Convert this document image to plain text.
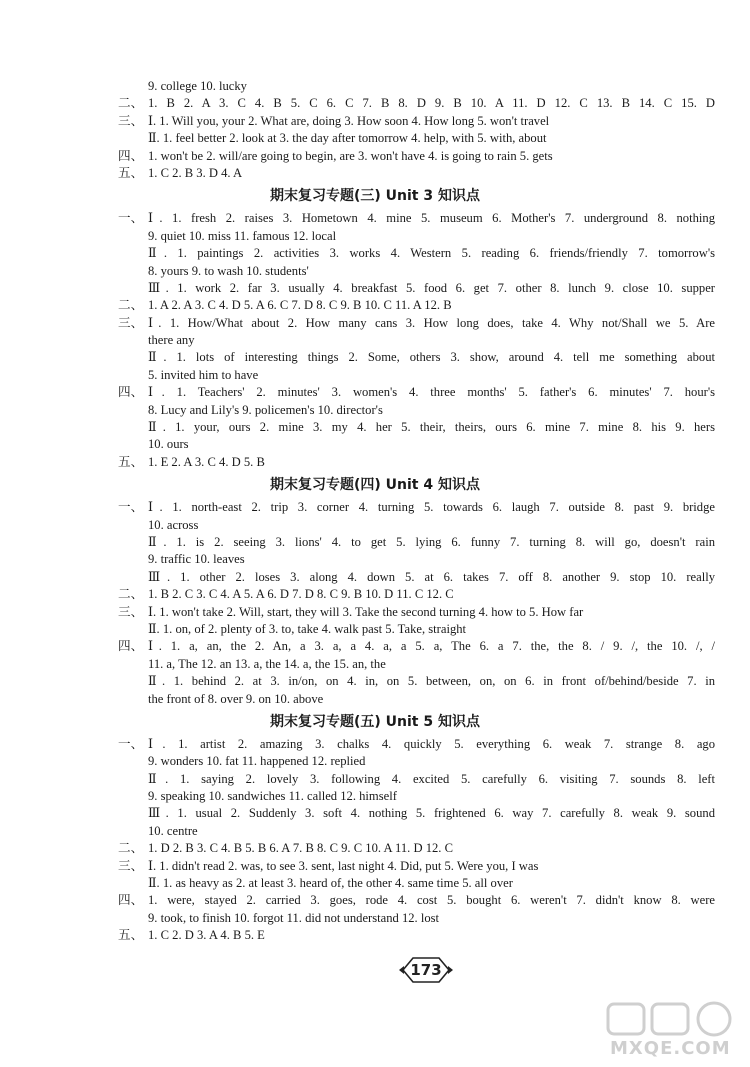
9. college 10. lucky
二、 1. B 2. A 3. C 4. B 5. C 6. C 7. B 8. D 9. B 10. A 11. D 12. C 13. B 14. C 15. D
三、 Ⅰ. 1. Will you, your 2. What are, doing 3. How soon 4. How long 5. won't travel
Ⅱ. 1. feel better 2. look at 3. the day after tomorrow 4. help, with 5. with, about
四、 1. won't be 2. will/are going to begin, are 3. won't have 4. is going to rain 5. gets
五、 1. C 2. B 3. D 4. A
期末复习专题(三) Unit 3 知识点
一、 Ⅰ. 1. fresh 2. raises 3. Hometown 4. mine 5. museum 6. Mother's 7. underground 8. nothing
9. quiet 10. miss 11. famous 12. local
Ⅱ. 1. paintings 2. activities 3. works 4. Western 5. reading 6. friends/friendly 7. tomorrow's
8. yours 9. to wash 10. students'
Ⅲ. 1. work 2. far 3. usually 4. breakfast 5. food 6. get 7. other 8. lunch 9. close 10. supper
二、 1. A 2. A 3. C 4. D 5. A 6. C 7. D 8. C 9. B 10. C 11. A 12. B
三、 Ⅰ. 1. How/What about 2. How many cans 3. How long does, take 4. Why not/Shall we 5. Are
there any
Ⅱ. 1. lots of interesting things 2. Some, others 3. show, around 4. tell me something about
5. invited him to have
四、 Ⅰ. 1. Teachers' 2. minutes' 3. women's 4. three months' 5. father's 6. minutes' 7. hour's
8. Lucy and Lily's 9. policemen's 10. director's
Ⅱ. 1. your, ours 2. mine 3. my 4. her 5. their, theirs, ours 6. mine 7. mine 8. his 9. hers
10. ours
五、 1. E 2. A 3. C 4. D 5. B
期末复习专题(四) Unit 4 知识点
一、 Ⅰ. 1. north-east 2. trip 3. corner 4. turning 5. towards 6. laugh 7. outside 8. past 9. bridge
10. across
Ⅱ. 1. is 2. seeing 3. lions' 4. to get 5. lying 6. funny 7. turning 8. will go, doesn't rain
9. traffic 10. leaves
Ⅲ. 1. other 2. loses 3. along 4. down 5. at 6. takes 7. off 8. another 9. stop 10. really
二、 1. B 2. C 3. C 4. A 5. A 6. D 7. D 8. C 9. B 10. D 11. C 12. C
三、 Ⅰ. 1. won't take 2. Will, start, they will 3. Take the second turning 4. how to 5. How far
Ⅱ. 1. on, of 2. plenty of 3. to, take 4. walk past 5. Take, straight
四、 Ⅰ. 1. a, an, the 2. An, a 3. a, a 4. a, a 5. a, The 6. a 7. the, the 8. / 9. /, the 10. /, /
11. a, The 12. an 13. a, the 14. a, the 15. an, the
Ⅱ. 1. behind 2. at 3. in/on, on 4. in, on 5. between, on, on 6. in front of/behind/beside 7. in
the front of 8. over 9. on 10. above
期末复习专题(五) Unit 5 知识点
一、 Ⅰ. 1. artist 2. amazing 3. chalks 4. quickly 5. everything 6. weak 7. strange 8. ago
9. wonders 10. fat 11. happened 12. replied
Ⅱ. 1. saying 2. lovely 3. following 4. excited 5. carefully 6. visiting 7. sounds 8. left
9. speaking 10. sandwiches 11. called 12. himself
Ⅲ. 1. usual 2. Suddenly 3. soft 4. nothing 5. frightened 6. way 7. carefully 8. weak 9. sound
10. centre
二、 1. D 2. B 3. C 4. B 5. B 6. A 7. B 8. C 9. C 10. A 11. D 12. C
三、 Ⅰ. 1. didn't read 2. was, to see 3. sent, last night 4. Did, put 5. Were you, I was
Ⅱ. 1. as heavy as 2. at least 3. heard of, the other 4. same time 5. all over
四、 1. were, stayed 2. carried 3. goes, rode 4. cost 5. bought 6. weren't 7. didn't know 8. were
9. took, to finish 10. forgot 11. did not understand 12. lost
五、 1. C 2. D 3. A 4. B 5. E
173
MXQE.COM
